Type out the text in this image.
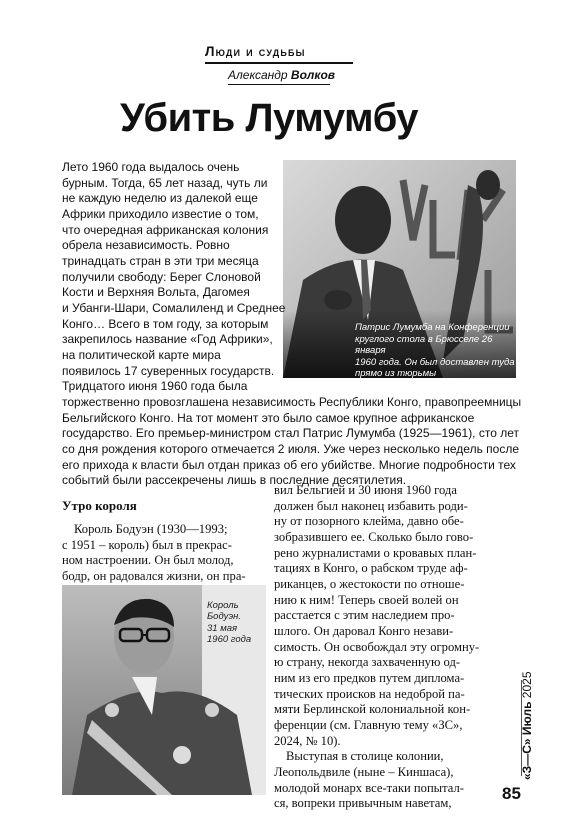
Люди и судьбы
Александр Волков
Убить Лумумбу
Патрис Лумумба на Конференции
круглого стола в Брюсселе 26 января
1960 года. Он был доставлен туда
прямо из тюрьмы
Лето 1960 года выдалось очень
бурным. Тогда, 65 лет назад, чуть ли
не каждую неделю из далекой еще
Африки приходило известие о том,
что очередная африканская колония
обрела независимость. Ровно
тринадцать стран в эти три месяца
получили свободу: Берег Слоновой
Кости и Верхняя Вольта, Дагомея
и Убанги-Шари, Сомалиленд и Среднее
Конго… Всего в том году, за которым
закрепилось название «Год Африки»,
на политической карте мира
появилось 17 суверенных государств.
Тридцатого июня 1960 года была
торжественно провозглашена независимость Республики Конго, правопреемницы
Бельгийского Конго. На тот момент это было самое крупное африканское
государство. Его премьер-министром стал Патрис Лумумба (1925—1961), сто лет
со дня рождения которого отмечается 2 июля. Уже через несколько недель после
его прихода к власти был отдан приказ об его убийстве. Многие подробности тех
событий были рассекречены лишь в последние десятилетия.
Утро короля
Король Бодуэн (1930—1993;
с 1951 – король) был в прекрас-
ном настроении. Он был молод,
бодр, он радовался жизни, он пра-
Король
Бодуэн.
31 мая
1960 года
вил Бельгией и 30 июня 1960 года
должен был наконец избавить роди-
ну от позорного клейма, давно обе-
зобразившего ее. Сколько было гово-
рено журналистами о кровавых план-
тациях в Конго, о рабском труде аф-
риканцев, о жестокости по отноше-
нию к ним! Теперь своей волей он
расстается с этим наследием про-
шлого. Он даровал Конго незави-
симость. Он освобождал эту огромну-
ю страну, некогда захваченную од-
ним из его предков путем диплома-
тических происков на недоброй па-
мяти Берлинской колониальной кон-
ференции (см. Главную тему «ЗС»,
2024, № 10).
Выступая в столице колонии,
Леопольдвиле (ныне – Киншаса),
молодой монарх все-таки попытал-
ся, вопреки привычным наветам,
«З—С» Июль 2025
85
